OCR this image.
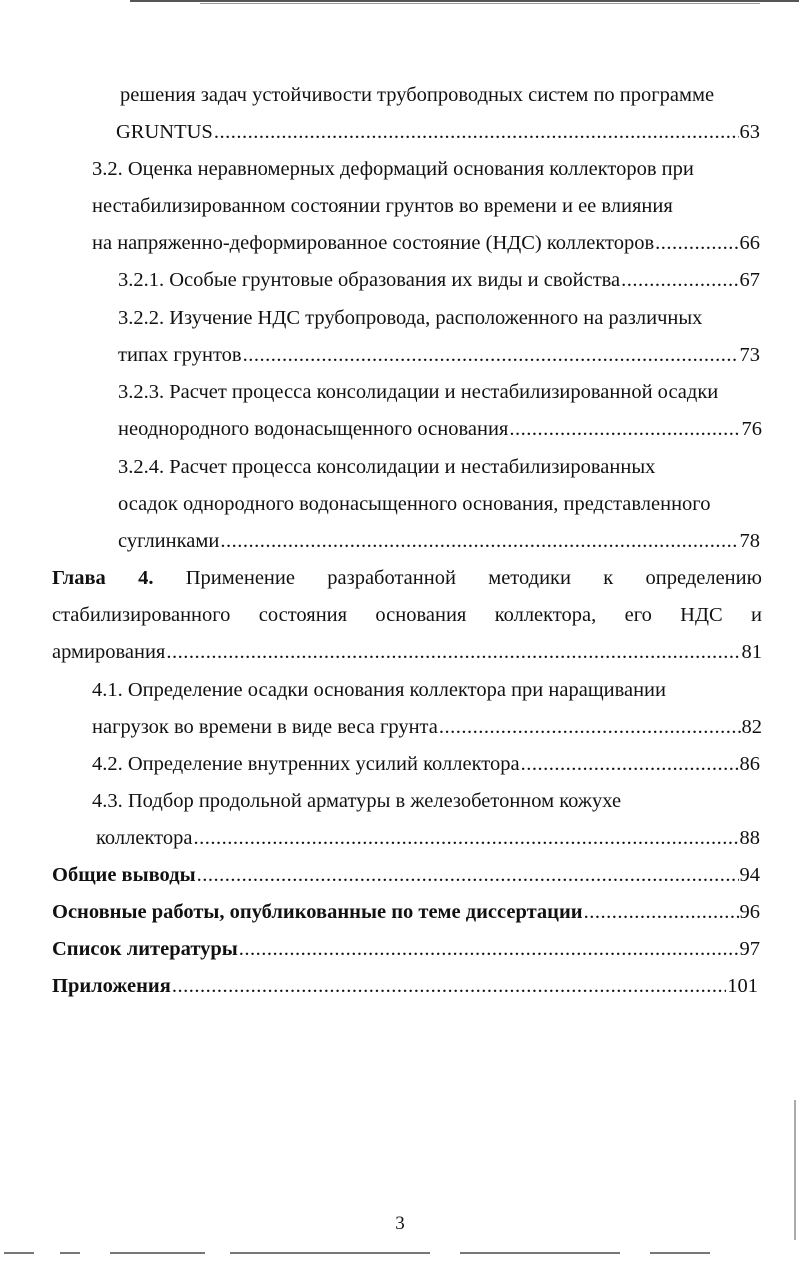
решения задач устойчивости трубопроводных систем по программе
GRUNTUS .....	63
3.2. Оценка неравномерных деформаций основания коллекторов при
нестабилизированном состоянии грунтов во времени и ее влияния
на напряженно-деформированное состояние (НДС) коллекторов .....	66
3.2.1. Особые грунтовые образования их виды и свойства .....	67
3.2.2. Изучение НДС трубопровода, расположенного на различных
типах грунтов .....	73
3.2.3. Расчет процесса консолидации и нестабилизированной осадки
неоднородного водонасыщенного основания .....	76
3.2.4. Расчет процесса консолидации и нестабилизированных
осадок однородного водонасыщенного основания, представленного
суглинками .....	78
Глава 4. Применение разработанной методики к определению
стабилизированного состояния основания коллектора, его НДС и
армирования .....	81
4.1. Определение осадки основания коллектора при наращивании
нагрузок во времени в виде веса грунта .....	82
4.2. Определение внутренних усилий коллектора .....	86
4.3. Подбор продольной арматуры в железобетонном кожухе
коллектора .....	88
Общие выводы .....	94
Основные работы, опубликованные по теме диссертации .....	96
Список литературы .....	97
Приложения .....	101
3
